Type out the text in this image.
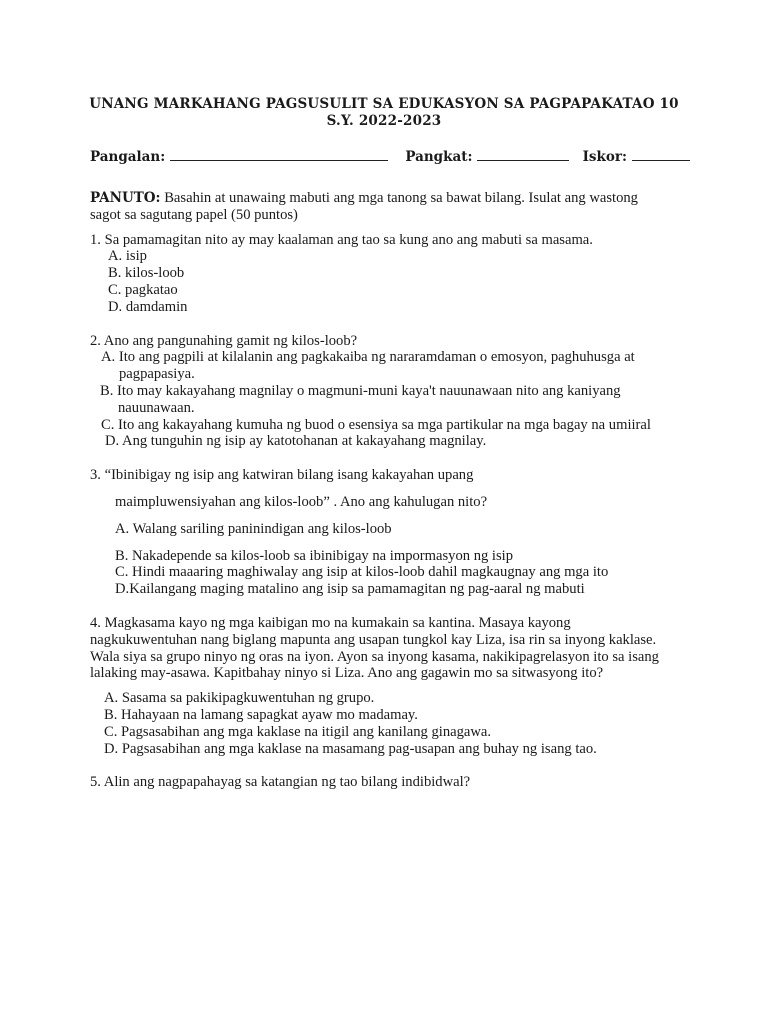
UNANG MARKAHANG PAGSUSULIT SA EDUKASYON SA PAGPAPAKATAO 10
S.Y. 2022-2023
Pangalan:	Pangkat:	Iskor:

PANUTO: Basahin at unawaing mabuti ang mga tanong sa bawat bilang. Isulat ang wastong sagot sa sagutang papel (50 puntos)

1. Sa pamamagitan nito ay may kaalaman ang tao sa kung ano ang mabuti sa masama.

A. isip

B. kilos-loob

C. pagkatao

D. damdamin

2. Ano ang pangunahing gamit ng kilos-loob?

A. Ito ang pagpili at kilalanin ang pagkakaiba ng nararamdaman o emosyon, paghuhusga at pagpapasiya.

B. Ito may kakayahang magnilay o magmuni-muni kaya't nauunawaan nito ang kaniyang nauunawaan.

C. Ito ang kakayahang kumuha ng buod o esensiya sa mga partikular na mga bagay na umiiral

D. Ang tunguhin ng isip ay katotohanan at kakayahang magnilay.

3. “Ibinibigay ng isip ang katwiran bilang isang kakayahan upang

maimpluwensiyahan ang kilos-loob” . Ano ang kahulugan nito?

A. Walang sariling paninindigan ang kilos-loob

B. Nakadepende sa kilos-loob sa ibinibigay na impormasyon ng isip

C. Hindi maaaring maghiwalay ang isip at kilos-loob dahil magkaugnay ang mga ito

D.Kailangang maging matalino ang isip sa pamamagitan ng pag-aaral ng mabuti

4. Magkasama kayo ng mga kaibigan mo na kumakain sa kantina. Masaya kayong nagkukuwentuhan nang biglang mapunta ang usapan tungkol kay Liza, isa rin sa inyong kaklase. Wala siya sa grupo ninyo ng oras na iyon. Ayon sa inyong kasama, nakikipagrelasyon ito sa isang lalaking may-asawa. Kapitbahay ninyo si Liza. Ano ang gagawin mo sa sitwasyong ito?

A. Sasama sa pakikipagkuwentuhan ng grupo.

B. Hahayaan na lamang sapagkat ayaw mo madamay.

C. Pagsasabihan ang mga kaklase na itigil ang kanilang ginagawa.

D. Pagsasabihan ang mga kaklase na masamang pag-usapan ang buhay ng isang tao.

5. Alin ang nagpapahayag sa katangian ng tao bilang indibidwal?
